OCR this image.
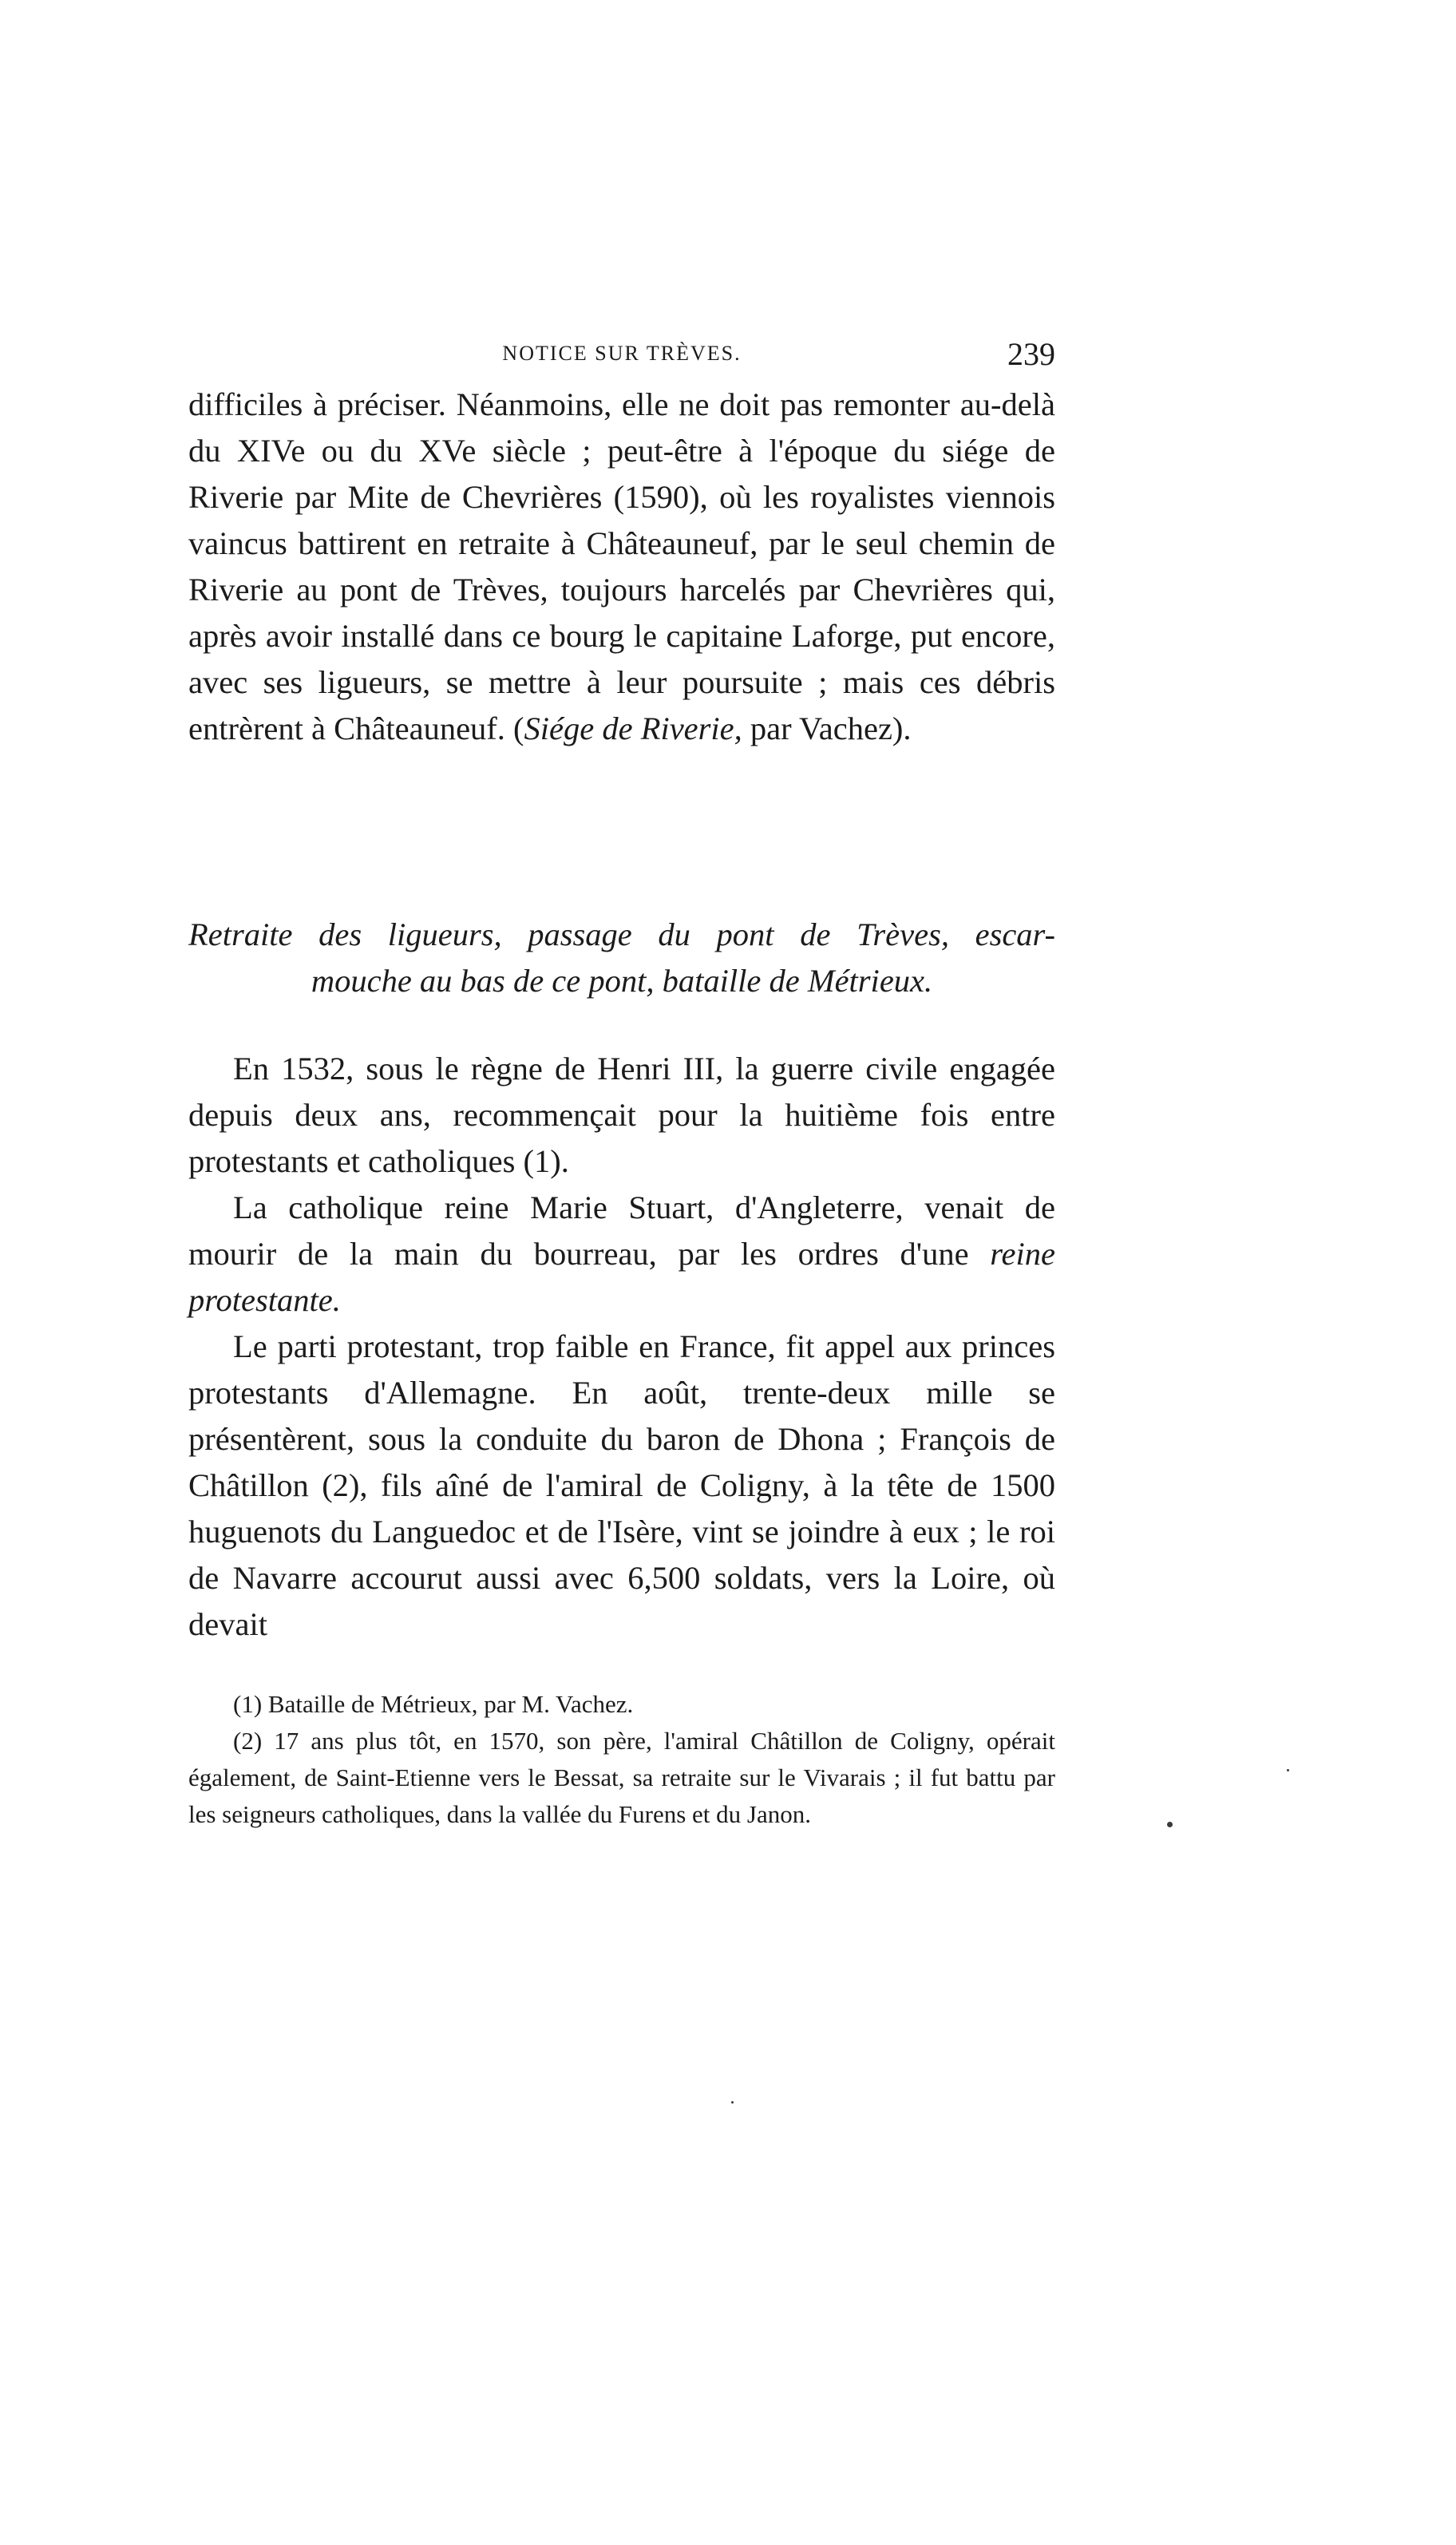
NOTICE SUR TRÈVES.	239

difficiles à préciser. Néanmoins, elle ne doit pas remonter au-delà du XIVe ou du XVe siècle ; peut-être à l'époque du siége de Riverie par Mite de Chevrières (1590), où les royalistes viennois vaincus battirent en retraite à Châteauneuf, par le seul chemin de Riverie au pont de Trèves, toujours harcelés par Chevrières qui, après avoir installé dans ce bourg le capitaine Laforge, put encore, avec ses ligueurs, se mettre à leur poursuite ; mais ces débris entrèrent à Châteauneuf. (Siége de Riverie, par Vachez).

Retraite des ligueurs, passage du pont de Trèves, escar-
mouche au bas de ce pont, bataille de Métrieux.

En 1532, sous le règne de Henri III, la guerre civile engagée depuis deux ans, recommençait pour la huitième fois entre protestants et catholiques (1).

La catholique reine Marie Stuart, d'Angleterre, venait de mourir de la main du bourreau, par les ordres d'une reine protestante.

Le parti protestant, trop faible en France, fit appel aux princes protestants d'Allemagne. En août, trente-deux mille se présentèrent, sous la conduite du baron de Dhona ; François de Châtillon (2), fils aîné de l'amiral de Coligny, à la tête de 1500 huguenots du Languedoc et de l'Isère, vint se joindre à eux ; le roi de Navarre accourut aussi avec 6,500 soldats, vers la Loire, où devait

(1) Bataille de Métrieux, par M. Vachez.

(2) 17 ans plus tôt, en 1570, son père, l'amiral Châtillon de Coligny, opérait également, de Saint-Etienne vers le Bessat, sa retraite sur le Vivarais ; il fut battu par les seigneurs catholiques, dans la vallée du Furens et du Janon.
